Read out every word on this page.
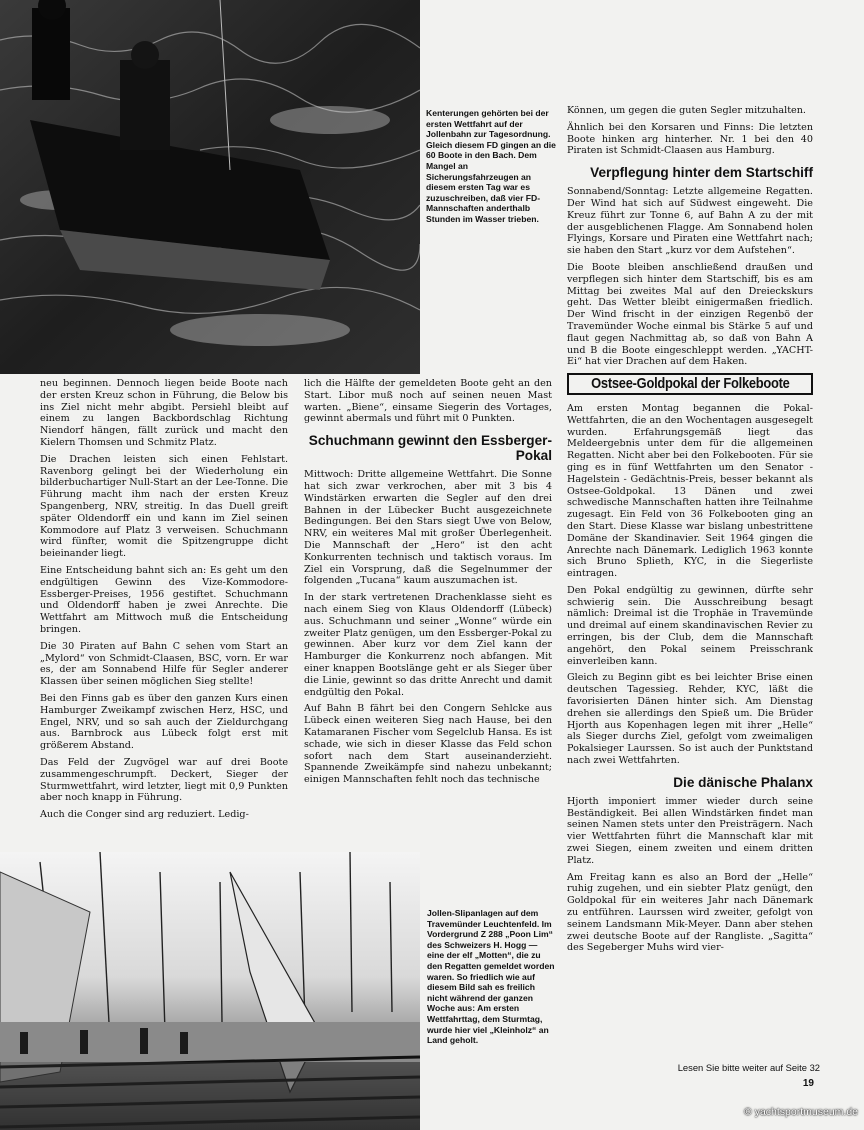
Kenterungen gehörten bei der ersten Wettfahrt auf der Jollenbahn zur Tagesordnung. Gleich diesem FD gingen an die 60 Boote in den Bach. Dem Mangel an Sicherungsfahrzeugen an diesem ersten Tag war es zuzuschreiben, daß vier FD-Mannschaften anderthalb Stunden im Wasser trieben.

Können, um gegen die guten Segler mitzuhalten.

Ähnlich bei den Korsaren und Finns: Die letzten Boote hinken arg hinterher. Nr. 1 bei den 40 Piraten ist Schmidt-Claasen aus Hamburg.

Verpflegung hinter dem Startschiff

Sonnabend/Sonntag: Letzte allgemeine Regatten. Der Wind hat sich auf Südwest eingeweht. Die Kreuz führt zur Tonne 6, auf Bahn A zu der mit der ausgeblichenen Flagge. Am Sonnabend holen Flyings, Korsare und Piraten eine Wettfahrt nach; sie haben den Start „kurz vor dem Aufstehen“.

Die Boote bleiben anschließend draußen und verpflegen sich hinter dem Startschiff, bis es am Mittag bei zweites Mal auf den Dreieckskurs geht. Das Wetter bleibt einigermaßen friedlich. Der Wind frischt in der einzigen Regenbö der Travemünder Woche einmal bis Stärke 5 auf und flaut gegen Nachmittag ab, so daß von Bahn A und B die Boote eingeschleppt werden. „YACHT-Ei“ hat vier Drachen auf dem Haken.

Ostsee-Goldpokal der Folkeboote

Am ersten Montag begannen die Pokal-Wettfahrten, die an den Wochentagen ausgesegelt wurden. Erfahrungsgemäß liegt das Meldeergebnis unter dem für die allgemeinen Regatten. Nicht aber bei den Folkebooten. Für sie ging es in fünf Wettfahrten um den Senator - Hagelstein - Gedächtnis-Preis, besser bekannt als Ostsee-Goldpokal. 13 Dänen und zwei schwedische Mannschaften hatten ihre Teilnahme zugesagt. Ein Feld von 36 Folkebooten ging an den Start. Diese Klasse war bislang unbestrittene Domäne der Skandinavier. Seit 1964 gingen die Anrechte nach Dänemark. Lediglich 1963 konnte sich Bruno Splieth, KYC, in die Siegerliste eintragen.

Den Pokal endgültig zu gewinnen, dürfte sehr schwierig sein. Die Ausschreibung besagt nämlich: Dreimal ist die Trophäe in Travemünde und dreimal auf einem skandinavischen Revier zu erringen, bis der Club, dem die Mannschaft angehört, den Pokal seinem Preisschrank einverleiben kann.

Gleich zu Beginn gibt es bei leichter Brise einen deutschen Tagessieg. Rehder, KYC, läßt die favorisierten Dänen hinter sich. Am Dienstag drehen sie allerdings den Spieß um. Die Brüder Hjorth aus Kopenhagen legen mit ihrer „Helle“ als Sieger durchs Ziel, gefolgt vom zweimaligen Pokalsieger Laurssen. So ist auch der Punktstand nach zwei Wettfahrten.

Die dänische Phalanx

Hjorth imponiert immer wieder durch seine Beständigkeit. Bei allen Windstärken findet man seinen Namen stets unter den Preisträgern. Nach vier Wettfahrten führt die Mannschaft klar mit zwei Siegen, einem zweiten und einem dritten Platz.

Am Freitag kann es also an Bord der „Helle“ ruhig zugehen, und ein siebter Platz genügt, den Goldpokal für ein weiteres Jahr nach Dänemark zu entführen. Laurssen wird zweiter, gefolgt von seinem Landsmann Mik-Meyer. Dann aber stehen zwei deutsche Boote auf der Rangliste. „Sagitta“ des Segeberger Muhs wird vier-

neu beginnen. Dennoch liegen beide Boote nach der ersten Kreuz schon in Führung, die Below bis ins Ziel nicht mehr abgibt. Persiehl bleibt auf einem zu langen Backbordschlag Richtung Niendorf hängen, fällt zurück und macht den Kielern Thomsen und Schmitz Platz.

Die Drachen leisten sich einen Fehlstart. Ravenborg gelingt bei der Wiederholung ein bilderbuchartiger Null-Start an der Lee-Tonne. Die Führung macht ihm nach der ersten Kreuz Spangenberg, NRV, streitig. In das Duell greift später Oldendorff ein und kann im Ziel seinen Kommodore auf Platz 3 verweisen. Schuchmann wird fünfter, womit die Spitzengruppe dicht beieinander liegt.

Eine Entscheidung bahnt sich an: Es geht um den endgültigen Gewinn des Vize-Kommodore-Essberger-Preises, 1956 gestiftet. Schuchmann und Oldendorff haben je zwei Anrechte. Die Wettfahrt am Mittwoch muß die Entscheidung bringen.

Die 30 Piraten auf Bahn C sehen vom Start an „Mylord“ von Schmidt-Claasen, BSC, vorn. Er war es, der am Sonnabend Hilfe für Segler anderer Klassen über seinen möglichen Sieg stellte!

Bei den Finns gab es über den ganzen Kurs einen Hamburger Zweikampf zwischen Herz, HSC, und Engel, NRV, und so sah auch der Zieldurchgang aus. Barnbrock aus Lübeck folgt erst mit größerem Abstand.

Das Feld der Zugvögel war auf drei Boote zusammengeschrumpft. Deckert, Sieger der Sturmwettfahrt, wird letzter, liegt mit 0,9 Punkten aber noch knapp in Führung.

Auch die Conger sind arg reduziert. Ledig-

lich die Hälfte der gemeldeten Boote geht an den Start. Libor muß noch auf seinen neuen Mast warten. „Biene“, einsame Siegerin des Vortages, gewinnt abermals und führt mit 0 Punkten.

Schuchmann gewinnt den Essberger-Pokal

Mittwoch: Dritte allgemeine Wettfahrt. Die Sonne hat sich zwar verkrochen, aber mit 3 bis 4 Windstärken erwarten die Segler auf den drei Bahnen in der Lübecker Bucht ausgezeichnete Bedingungen. Bei den Stars siegt Uwe von Below, NRV, ein weiteres Mal mit großer Überlegenheit. Die Mannschaft der „Hero“ ist den acht Konkurrenten technisch und taktisch voraus. Im Ziel ein Vorsprung, daß die Segelnummer der folgenden „Tucana“ kaum auszumachen ist.

In der stark vertretenen Drachenklasse sieht es nach einem Sieg von Klaus Oldendorff (Lübeck) aus. Schuchmann und seiner „Wonne“ würde ein zweiter Platz genügen, um den Essberger-Pokal zu gewinnen. Aber kurz vor dem Ziel kann der Hamburger die Konkurrenz noch abfangen. Mit einer knappen Bootslänge geht er als Sieger über die Linie, gewinnt so das dritte Anrecht und damit endgültig den Pokal.

Auf Bahn B fährt bei den Congern Sehlcke aus Lübeck einen weiteren Sieg nach Hause, bei den Katamaranen Fischer vom Segelclub Hansa. Es ist schade, wie sich in dieser Klasse das Feld schon sofort nach dem Start auseinanderzieht. Spannende Zweikämpfe sind nahezu unbekannt; einigen Mannschaften fehlt noch das technische

Jollen-Slipanlagen auf dem Travemünder Leuchtenfeld. Im Vordergrund Z 288 „Poon Lim“ des Schweizers H. Hogg — eine der elf „Motten“, die zu den Regatten gemeldet worden waren. So friedlich wie auf diesem Bild sah es freilich nicht während der ganzen Woche aus: Am ersten Wettfahrttag, dem Sturmtag, wurde hier viel „Kleinholz“ an Land geholt.

Lesen Sie bitte weiter auf Seite 32
19
© yachtsportmuseum.de
